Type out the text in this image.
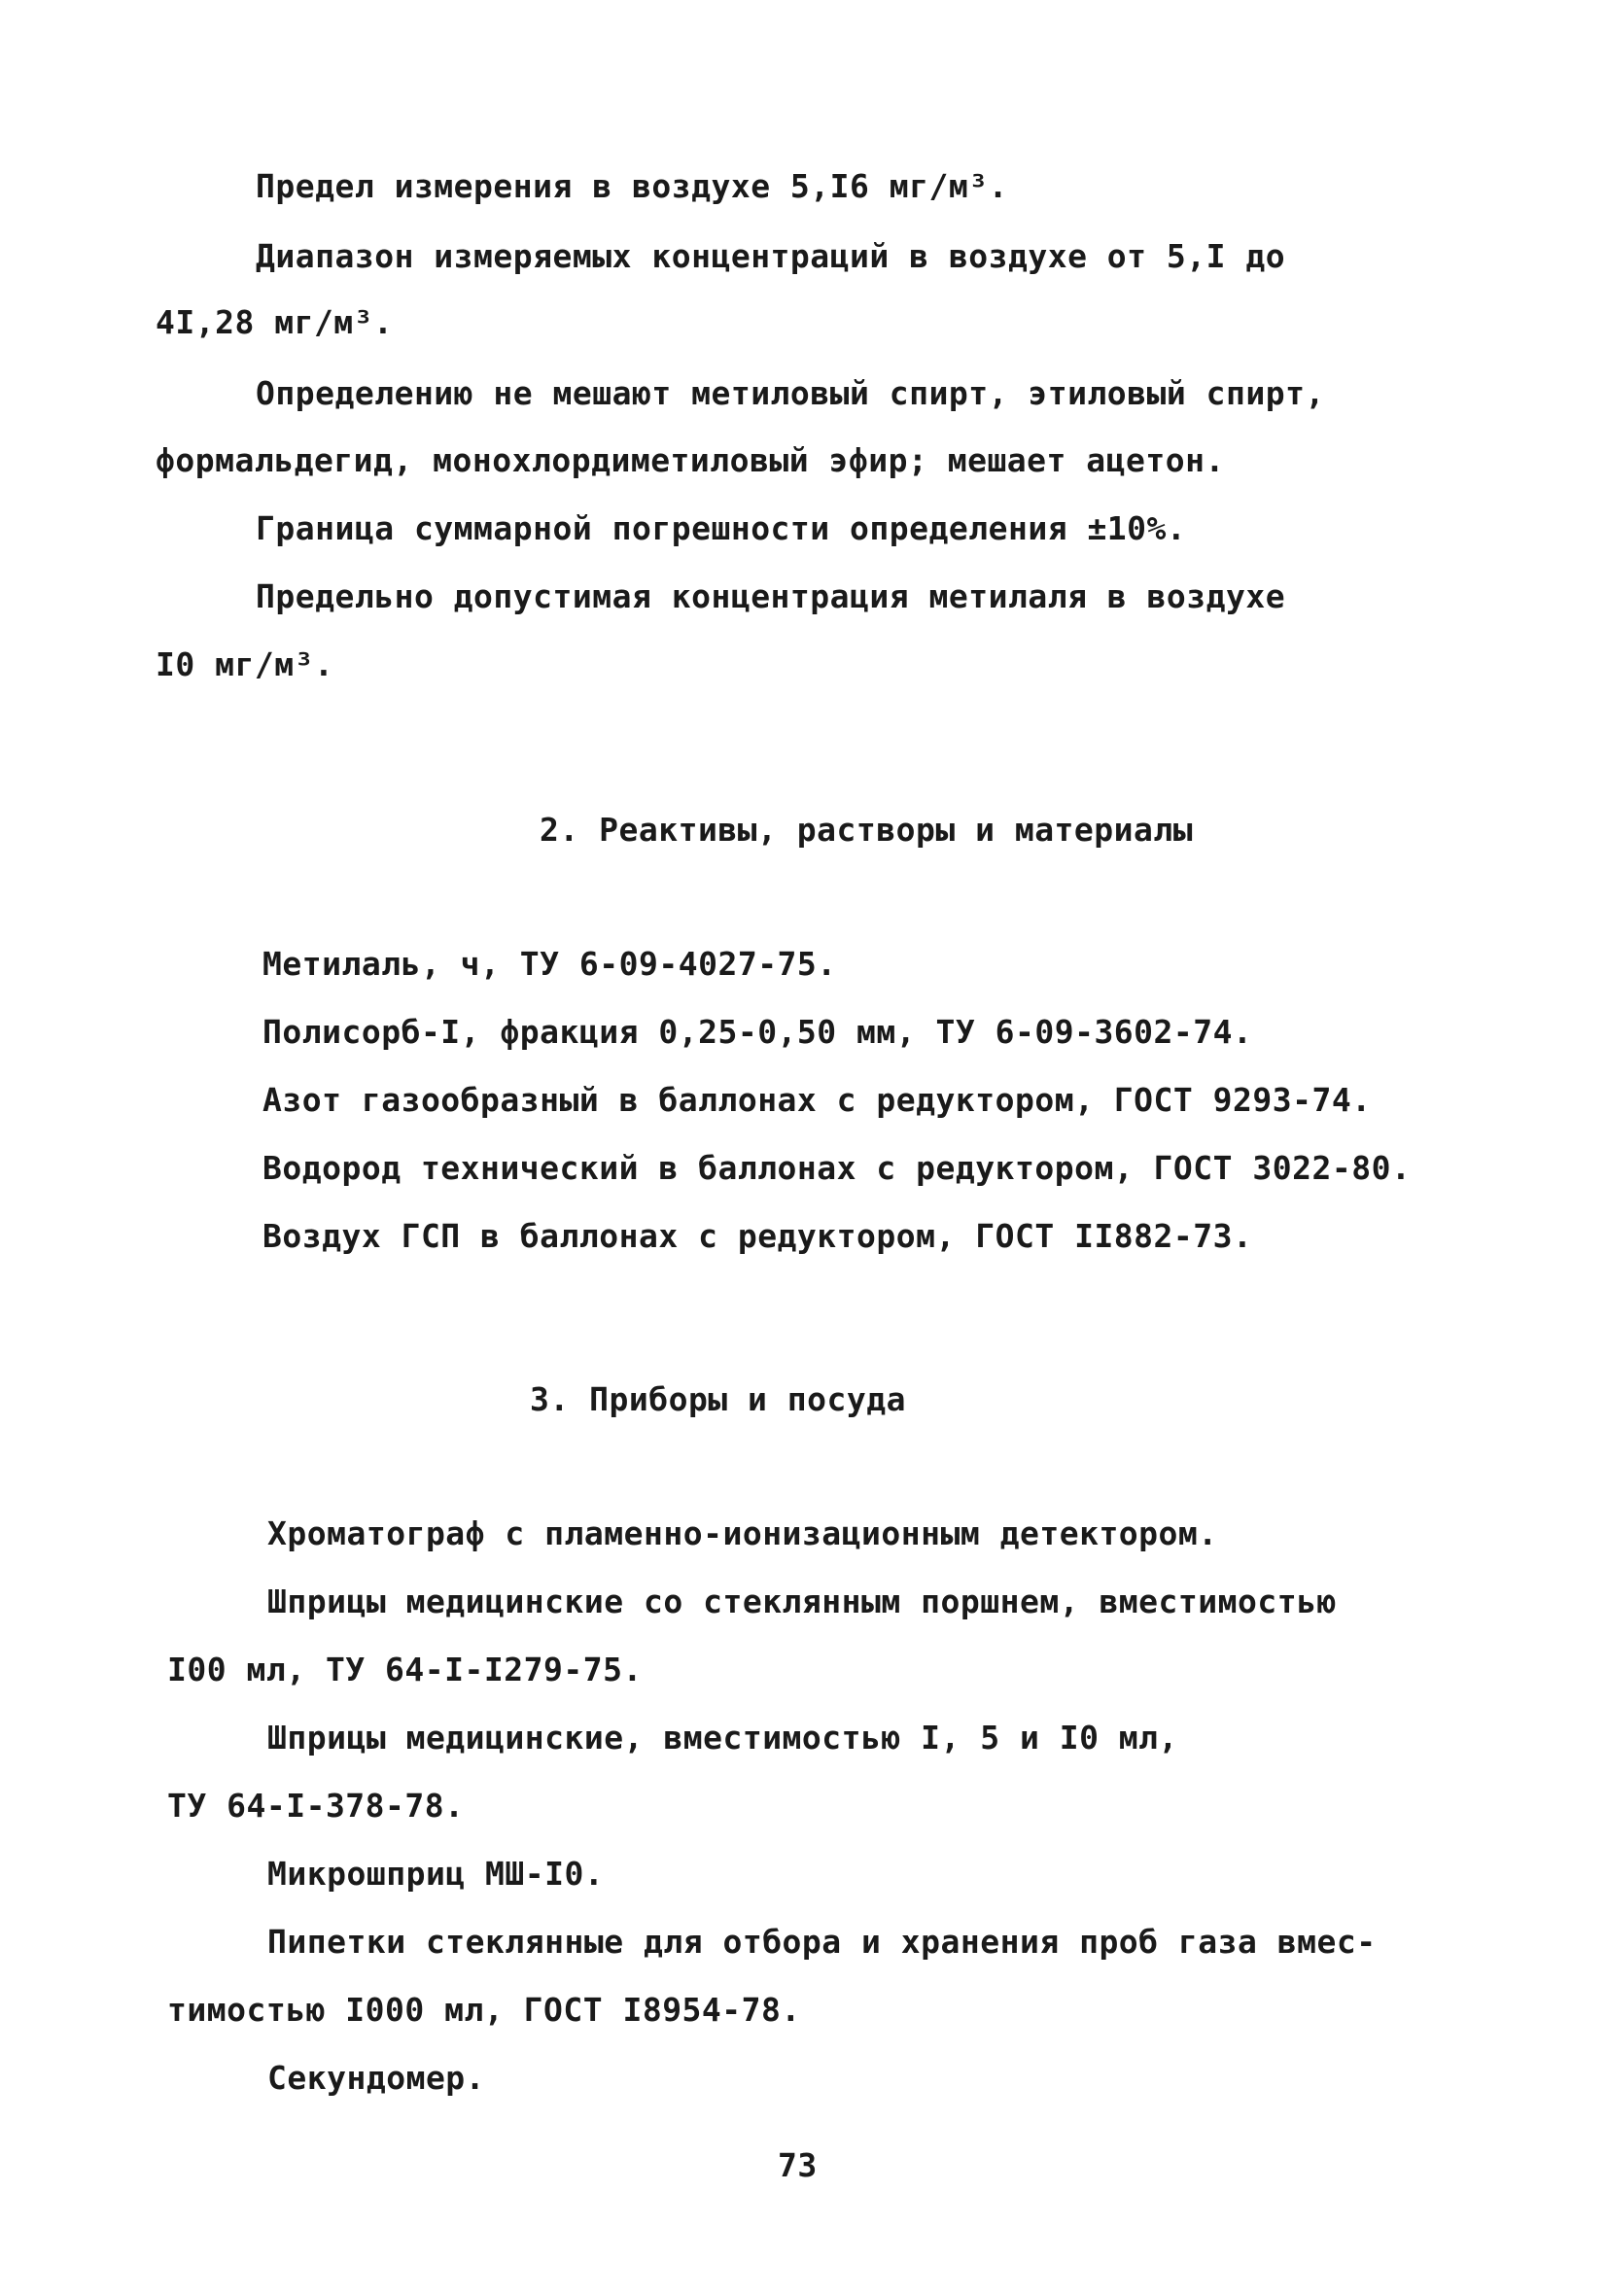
Предел измерения в воздухе 5,I6 мг/м³.
Диапазон измеряемых концентраций в воздухе от 5,I до
4I,28 мг/м³.
Определению не мешают метиловый спирт, этиловый спирт,
формальдегид, монохлордиметиловый эфир; мешает ацетон.
Граница суммарной погрешности определения ±10%.
Предельно допустимая концентрация метилаля в воздухе
I0 мг/м³.
2. Реактивы, растворы и материалы
Метилаль, ч, ТУ 6-09-4027-75.
Полисорб-I, фракция 0,25-0,50 мм, ТУ 6-09-3602-74.
Азот газообразный в баллонах с редуктором, ГОСТ 9293-74.
Водород технический в баллонах с редуктором, ГОСТ 3022-80.
Воздух ГСП в баллонах с редуктором, ГОСТ II882-73.
3. Приборы и посуда
Хроматограф с пламенно-ионизационным детектором.
Шприцы медицинские со стеклянным поршнем, вместимостью
I00 мл, ТУ 64-I-I279-75.
Шприцы медицинские, вместимостью I, 5 и I0 мл,
ТУ 64-I-378-78.
Микрошприц МШ-I0.
Пипетки стеклянные для отбора и хранения проб газа вмес-
тимостью I000 мл, ГОСТ I8954-78.
Секундомер.
73
